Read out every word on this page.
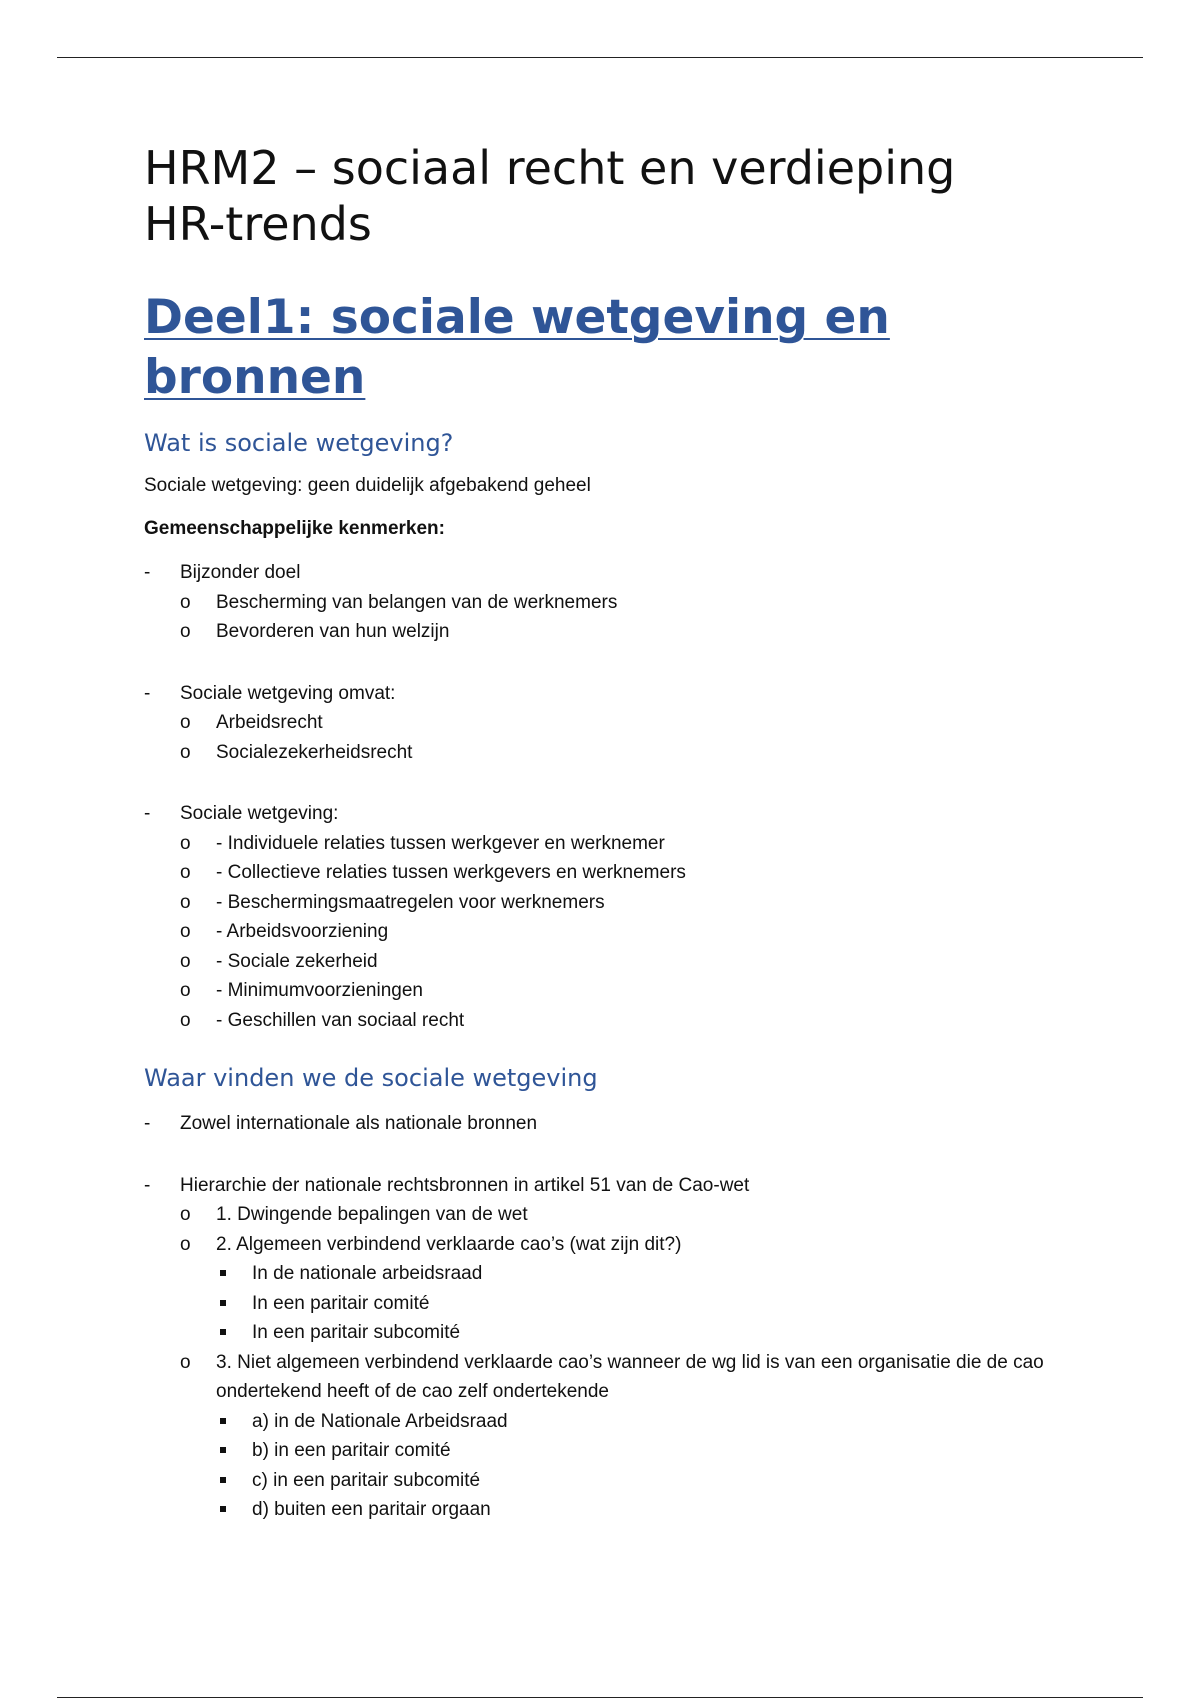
HRM2 – sociaal recht en verdieping
HR-trends
Deel1: sociale wetgeving en
bronnen
Wat is sociale wetgeving?

Sociale wetgeving: geen duidelijk afgebakend geheel

Gemeenschappelijke kenmerken:

-	Bijzonder doel
o	Bescherming van belangen van de werknemers
o	Bevorderen van hun welzijn
-	Sociale wetgeving omvat:
o	Arbeidsrecht
o	Socialezekerheidsrecht
-	Sociale wetgeving:
o	- Individuele relaties tussen werkgever en werknemer
o	- Collectieve relaties tussen werkgevers en werknemers
o	- Beschermingsmaatregelen voor werknemers
o	- Arbeidsvoorziening
o	- Sociale zekerheid
o	- Minimumvoorzieningen
o	- Geschillen van sociaal recht
Waar vinden we de sociale wetgeving
-	Zowel internationale als nationale bronnen
-	Hierarchie der nationale rechtsbronnen in artikel 51 van de Cao-wet
o	1. Dwingende bepalingen van de wet
o	2. Algemeen verbindend verklaarde cao’s (wat zijn dit?)
In de nationale arbeidsraad
In een paritair comité
In een paritair subcomité
o	3. Niet algemeen verbindend verklaarde cao’s wanneer de wg lid is van een organisatie die de cao ondertekend heeft of de cao zelf ondertekende
a) in de Nationale Arbeidsraad
b) in een paritair comité
c) in een paritair subcomité
d) buiten een paritair orgaan
